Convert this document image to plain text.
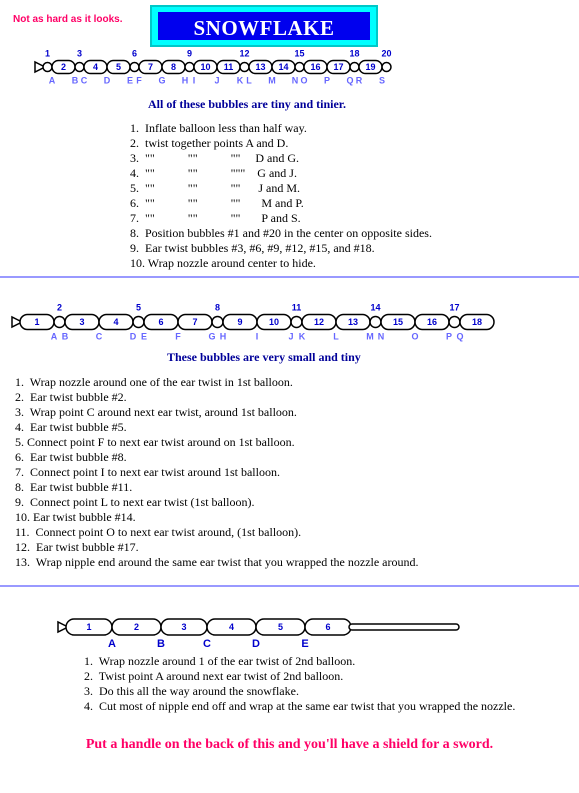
Not as hard as it looks.	SNOWFLAKE
1
2
3
4 5
6
7 8
9
10 11
12
13 14
15
16 17
18
19
20
A B C D E F G H I J K L M N O P Q R S
All of these bubbles are tiny and tinier.
1.  Inflate balloon less than half way.
2.  twist together points A and D.
3.  ""           ""           ""     D and G.
4.  ""           ""           """    G and J.
5.  ""           ""           ""      J and M.
6.  ""           ""           ""       M and P.
7.  ""           ""           ""       P and S.
8.  Position bubbles #1 and #20 in the center on opposite sides.
9.  Ear twist bubbles #3, #6, #9, #12, #15, and #18.
10. Wrap nozzle around center to hide.
1
2
3	4
5
6	7
8
9	10
11
12	13
14
15	16
17
18
A B	C	D E	F	G H	I	J K	L	M N	O	P Q
These bubbles are very small and tiny
1.  Wrap nozzle around one of the ear twist in 1st balloon.
2.  Ear twist bubble #2.
3.  Wrap point C around next ear twist, around 1st balloon.
4.  Ear twist bubble #5.
5. Connect point F to next ear twist around on 1st balloon.
6.  Ear twist bubble #8.
7.  Connect point I to next ear twist around 1st balloon.
8.  Ear twist bubble #11.
9.  Connect point L to next ear twist (1st balloon).
10. Ear twist bubble #14.
11.  Connect point O to next ear twist around, (1st balloon).
12.  Ear twist bubble #17.
13.  Wrap nipple end around the same ear twist that you wrapped the nozzle around.
1	2	3	4	5	6
A	B	C	D	E
1.  Wrap nozzle around 1 of the ear twist of 2nd balloon.
2.  Twist point A around next ear twist of 2nd balloon.
3.  Do this all the way around the snowflake.
4.  Cut most of nipple end off and wrap at the same ear twist that you wrapped the nozzle.
Put a handle on the back of this and you'll have a shield for a sword.
